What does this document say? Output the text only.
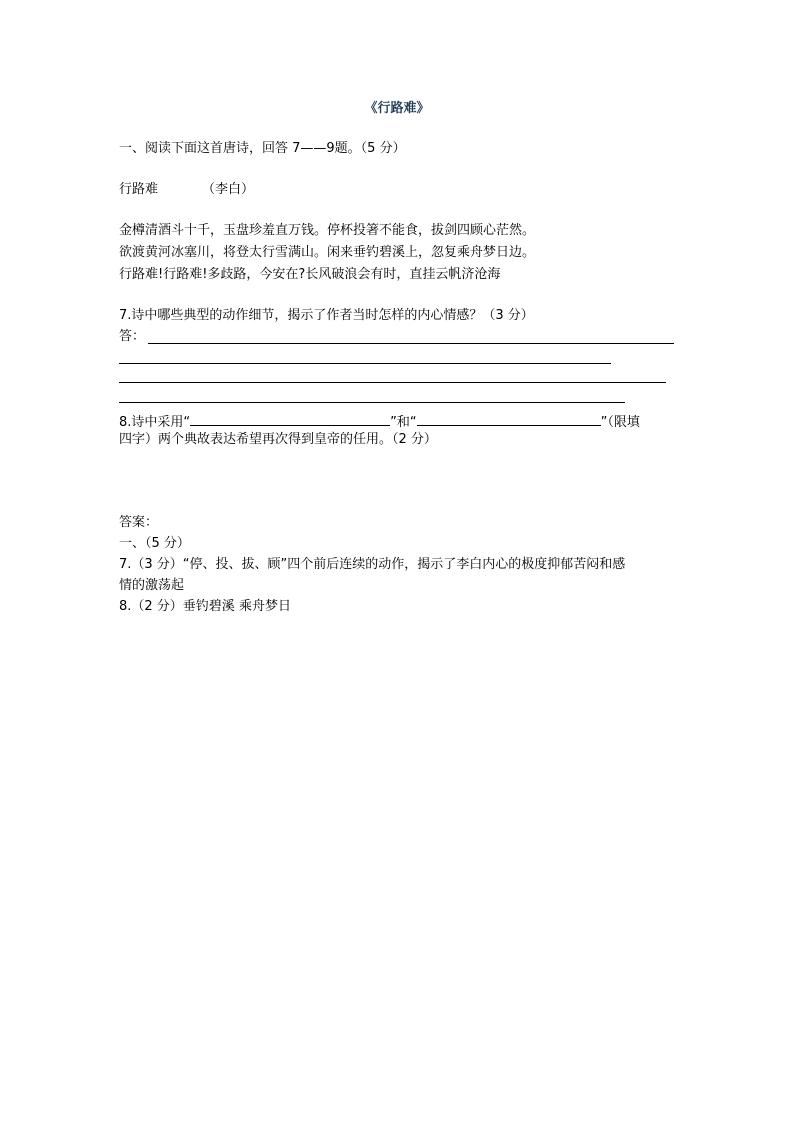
《行路难》
一、阅读下面这首唐诗，回答 7——9题。（5 分）
行路难	（李白）
金樽清酒斗十千，玉盘珍羞直万钱。停杯投箸不能食，拔剑四顾心茫然。
欲渡黄河冰塞川，将登太行雪满山。闲来垂钓碧溪上，忽复乘舟梦日边。
行路难!行路难!多歧路，今安在?长风破浪会有时，直挂云帆济沧海
7.诗中哪些典型的动作细节，揭示了作者当时怎样的内心情感？（3 分）
答：
8.诗中采用“	”和“	”（限填
四字）两个典故表达希望再次得到皇帝的任用。（2 分）
答案：
一、（5 分）
7.（3 分）“停、投、拔、顾”四个前后连续的动作，揭示了李白内心的极度抑郁苦闷和感
情的激荡起
8.（2 分）垂钓碧溪 乘舟梦日
